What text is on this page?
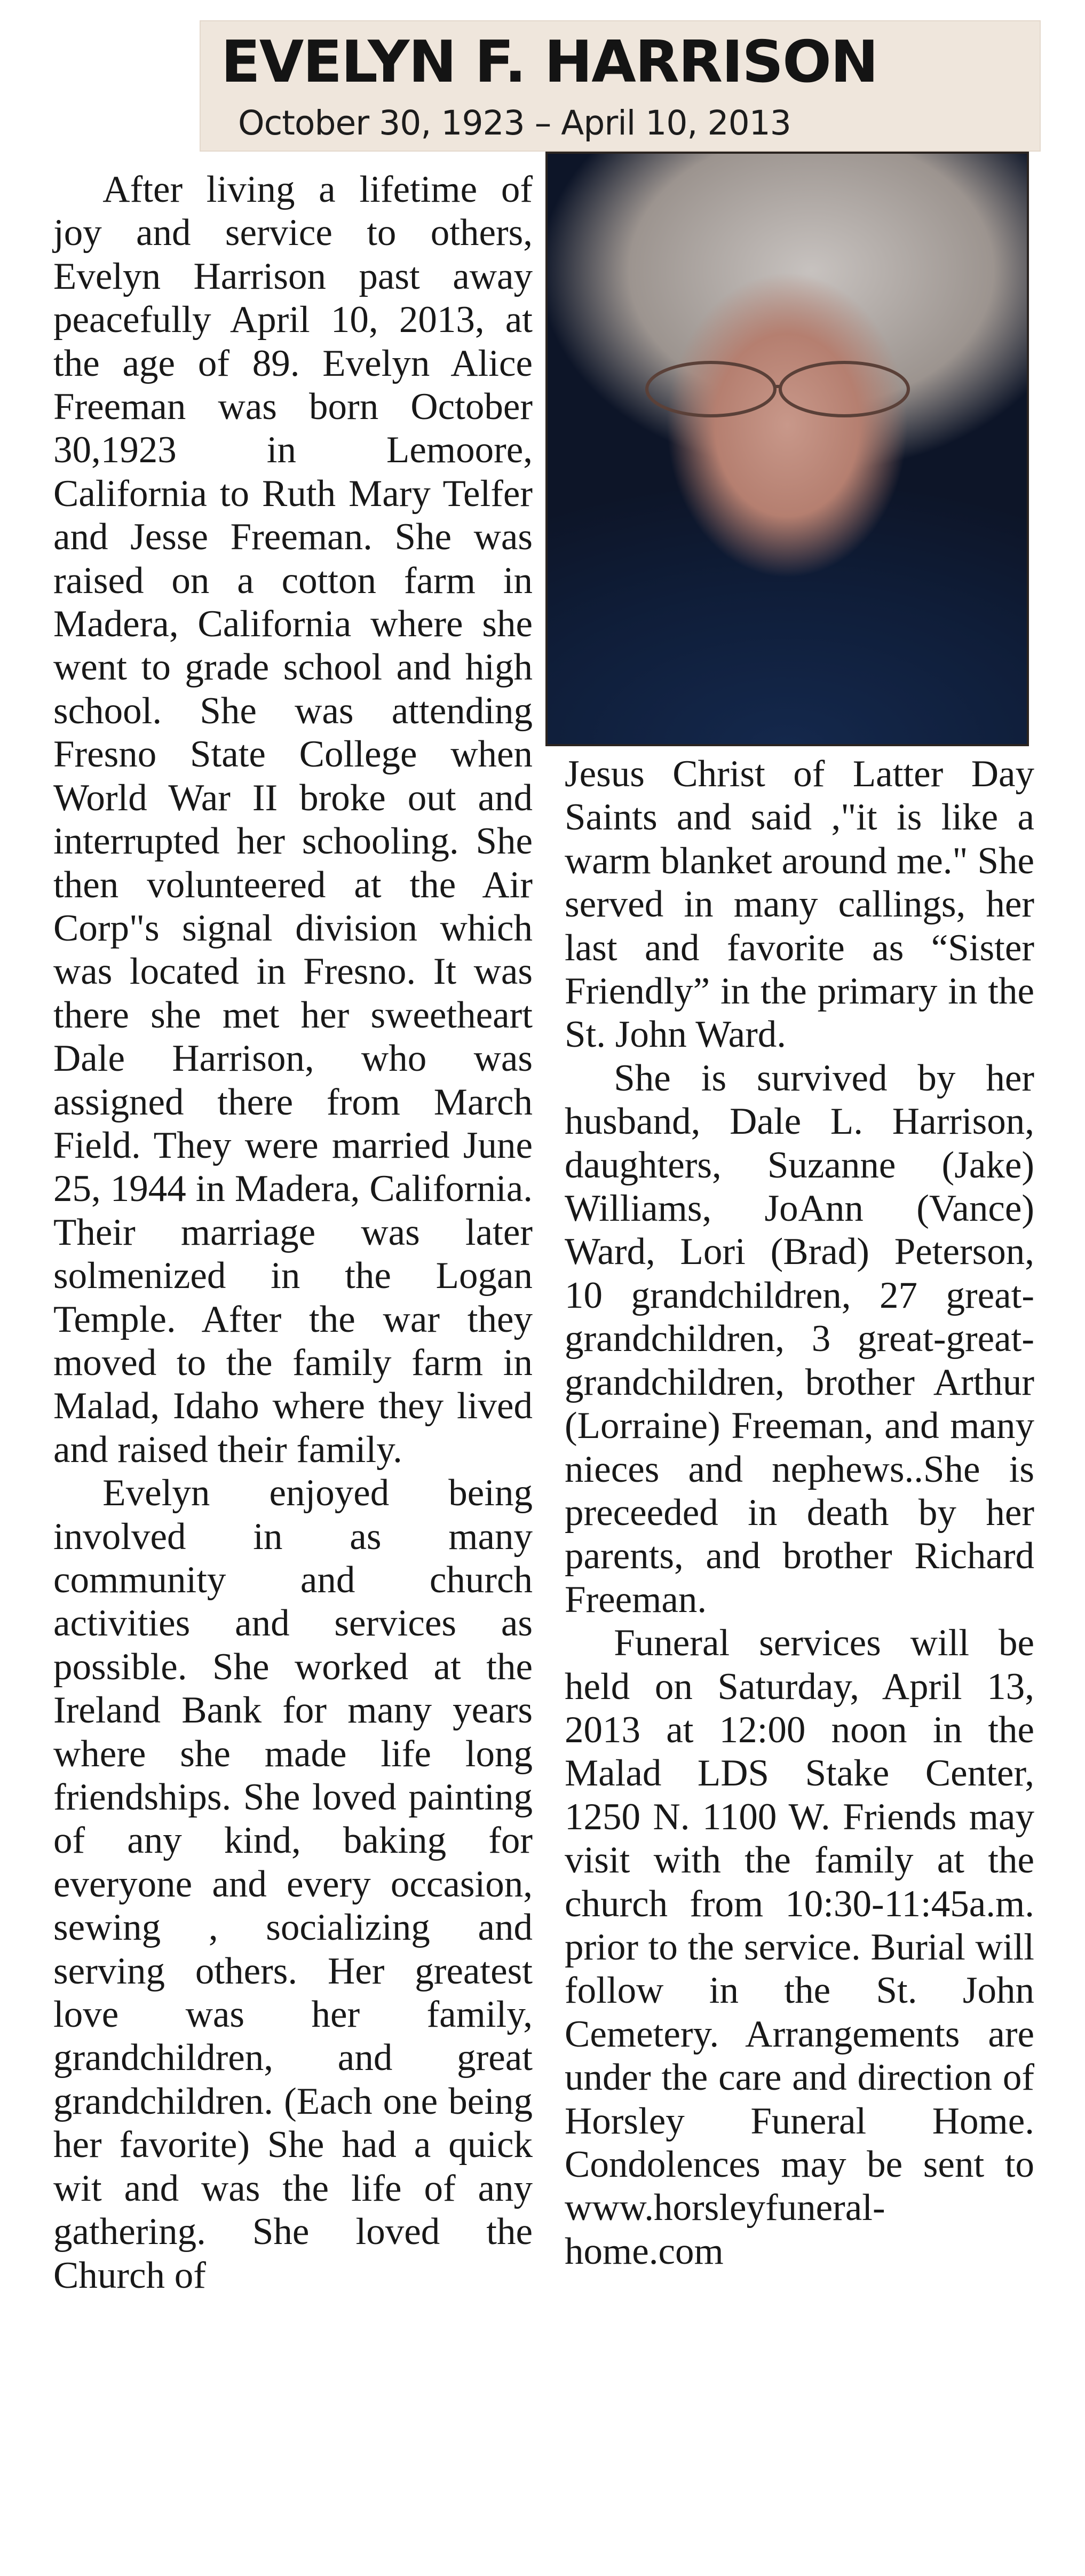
EVELYN F. HARRISON
October 30, 1923 – April 10, 2013

After living a lifetime of joy and service to others, Evelyn Harrison past away peacefully April 10, 2013, at the age of 89. Evelyn Alice Freeman was born October 30,1923 in Lemoore, California to Ruth Mary Telfer and Jesse Freeman. She was raised on a cotton farm in Madera, California where she went to grade school and high school. She was attending Fresno State College when World War II broke out and interrupted her schooling. She then volunteered at the Air Corp"s signal division which was located in Fresno. It was there she met her sweetheart Dale Harrison, who was assigned there from March Field. They were married June 25, 1944 in Madera, California. Their marriage was later solmenized in the Logan Temple. After the war they moved to the family farm in Malad, Idaho where they lived and raised their family.

Evelyn enjoyed being involved in as many community and church activities and services as possible. She worked at the Ireland Bank for many years where she made life long friendships. She loved painting of any kind, baking for everyone and every occasion, sewing , socializing and serving others. Her greatest love was her family, grandchildren, and great grandchildren. (Each one being her favorite) She had a quick wit and was the life of any gathering. She loved the Church of

Jesus Christ of Latter Day Saints and said ,"it is like a warm blanket around me." She served in many callings, her last and favorite as “Sister Friendly” in the primary in the St. John Ward.

She is survived by her husband, Dale L. Harrison, daughters, Suzanne (Jake) Williams, JoAnn (Vance) Ward, Lori (Brad) Peterson, 10 grandchildren, 27 great-grandchildren, 3 great-great-grandchildren, brother Arthur (Lorraine) Freeman, and many nieces and nephews..She is preceeded in death by her parents, and brother Richard Freeman.

Funeral services will be held on Saturday, April 13, 2013 at 12:00 noon in the Malad LDS Stake Center, 1250 N. 1100 W. Friends may visit with the family at the church from 10:30-11:45a.m. prior to the service. Burial will follow in the St. John Cemetery. Arrangements are under the care and direction of Horsley Funeral Home. Condolences may be sent to www.horsleyfuneral-home.com
